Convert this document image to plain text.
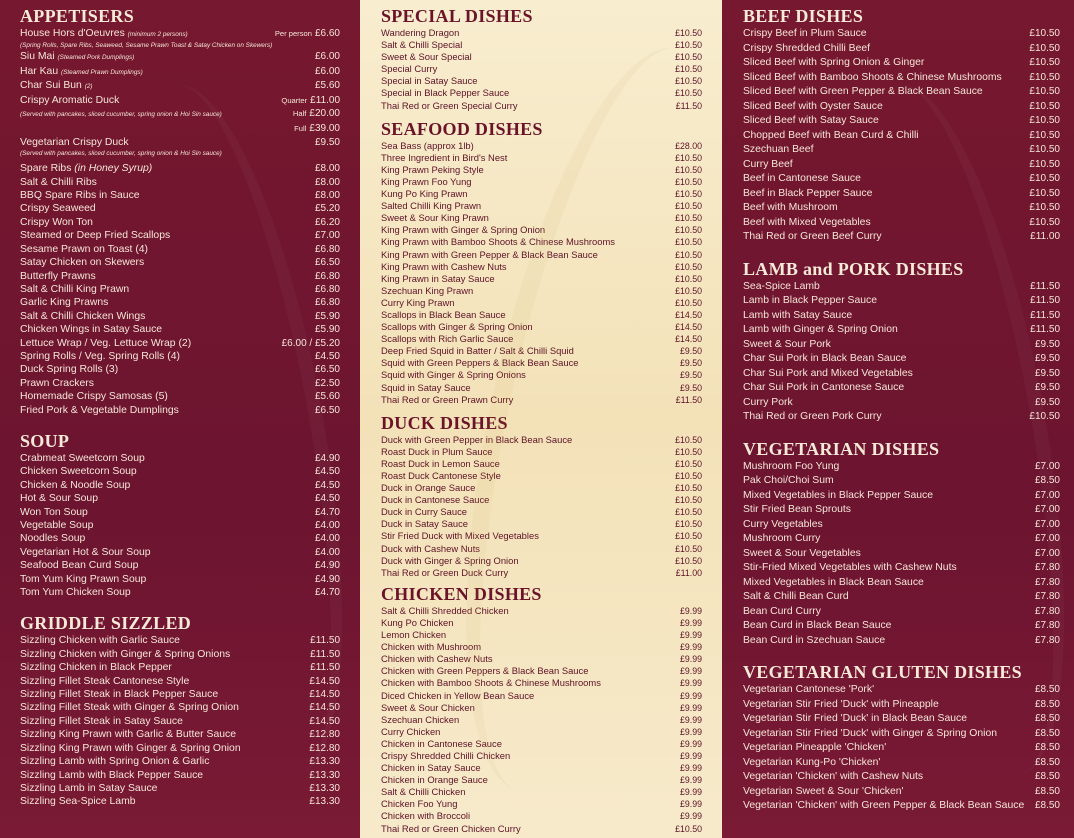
APPETISERS
House Hors d'Oeuvres (minimum 2 persons)	Per person £6.60
(Spring Rolls, Spare Ribs, Seaweed, Sesame Prawn Toast & Satay Chicken on Skewers)
Siu Mai (Steamed Pork Dumplings)	£6.00
Har Kau (Steamed Prawn Dumplings)	£6.00
Char Sui Bun (2)	£5.60
Crispy Aromatic Duck	Quarter £11.00
(Served with pancakes, sliced cucumber, spring onion & Hoi Sin sauce)	Half £20.00
Full £39.00
Vegetarian Crispy Duck	£9.50
(Served with pancakes, sliced cucumber, spring onion & Hoi Sin sauce)
Spare Ribs (in Honey Syrup)	£8.00
Salt & Chilli Ribs	£8.00
BBQ Spare Ribs in Sauce	£8.00
Crispy Seaweed	£5.20
Crispy Won Ton	£6.20
Steamed or Deep Fried Scallops	£7.00
Sesame Prawn on Toast (4)	£6.80
Satay Chicken on Skewers	£6.50
Butterfly Prawns	£6.80
Salt & Chilli King Prawn	£6.80
Garlic King Prawns	£6.80
Salt & Chilli Chicken Wings	£5.90
Chicken Wings in Satay Sauce	£5.90
Lettuce Wrap / Veg. Lettuce Wrap (2)	£6.00 / £5.20
Spring Rolls / Veg. Spring Rolls (4)	£4.50
Duck Spring Rolls (3)	£6.50
Prawn Crackers	£2.50
Homemade Crispy Samosas (5)	£5.60
Fried Pork & Vegetable Dumplings	£6.50
SOUP
Crabmeat Sweetcorn Soup	£4.90
Chicken Sweetcorn Soup	£4.50
Chicken & Noodle Soup	£4.50
Hot & Sour Soup	£4.50
Won Ton Soup	£4.70
Vegetable Soup	£4.00
Noodles Soup	£4.00
Vegetarian Hot & Sour Soup	£4.00
Seafood Bean Curd Soup	£4.90
Tom Yum King Prawn Soup	£4.90
Tom Yum Chicken Soup	£4.70
GRIDDLE SIZZLED
Sizzling Chicken with Garlic Sauce	£11.50
Sizzling Chicken with Ginger & Spring Onions	£11.50
Sizzling Chicken in Black Pepper	£11.50
Sizzling Fillet Steak Cantonese Style	£14.50
Sizzling Fillet Steak in Black Pepper Sauce	£14.50
Sizzling Fillet Steak with Ginger & Spring Onion	£14.50
Sizzling Fillet Steak in Satay Sauce	£14.50
Sizzling King Prawn with Garlic & Butter Sauce	£12.80
Sizzling King Prawn with Ginger & Spring Onion	£12.80
Sizzling Lamb with Spring Onion & Garlic	£13.30
Sizzling Lamb with Black Pepper Sauce	£13.30
Sizzling Lamb in Satay Sauce	£13.30
Sizzling Sea-Spice Lamb	£13.30
SPECIAL DISHES
Wandering Dragon	£10.50
Salt & Chilli Special	£10.50
Sweet & Sour Special	£10.50
Special Curry	£10.50
Special in Satay Sauce	£10.50
Special in Black Pepper Sauce	£10.50
Thai Red or Green Special Curry	£11.50
SEAFOOD DISHES
Sea Bass (approx 1lb)	£28.00
Three Ingredient in Bird's Nest	£10.50
King Prawn Peking Style	£10.50
King Prawn Foo Yung	£10.50
Kung Po King Prawn	£10.50
Salted Chilli King Prawn	£10.50
Sweet & Sour King Prawn	£10.50
King Prawn with Ginger & Spring Onion	£10.50
King Prawn with Bamboo Shoots & Chinese Mushrooms	£10.50
King Prawn with Green Pepper & Black Bean Sauce	£10.50
King Prawn with Cashew Nuts	£10.50
King Prawn in Satay Sauce	£10.50
Szechuan King Prawn	£10.50
Curry King Prawn	£10.50
Scallops in Black Bean Sauce	£14.50
Scallops with Ginger & Spring Onion	£14.50
Scallops with Rich Garlic Sauce	£14.50
Deep Fried Squid in Batter / Salt & Chilli Squid	£9.50
Squid with Green Peppers & Black Bean Sauce	£9.50
Squid with Ginger & Spring Onions	£9.50
Squid in Satay Sauce	£9.50
Thai Red or Green Prawn Curry	£11.50
DUCK DISHES
Duck with Green Pepper in Black Bean Sauce	£10.50
Roast Duck in Plum Sauce	£10.50
Roast Duck in Lemon Sauce	£10.50
Roast Duck Cantonese Style	£10.50
Duck in Orange Sauce	£10.50
Duck in Cantonese Sauce	£10.50
Duck in Curry Sauce	£10.50
Duck in Satay Sauce	£10.50
Stir Fried Duck with Mixed Vegetables	£10.50
Duck with Cashew Nuts	£10.50
Duck with Ginger & Spring Onion	£10.50
Thai Red or Green Duck Curry	£11.00
CHICKEN DISHES
Salt & Chilli Shredded Chicken	£9.99
Kung Po Chicken	£9.99
Lemon Chicken	£9.99
Chicken with Mushroom	£9.99
Chicken with Cashew Nuts	£9.99
Chicken with Green Peppers & Black Bean Sauce	£9.99
Chicken with Bamboo Shoots & Chinese Mushrooms	£9.99
Diced Chicken in Yellow Bean Sauce	£9.99
Sweet & Sour Chicken	£9.99
Szechuan Chicken	£9.99
Curry Chicken	£9.99
Chicken in Cantonese Sauce	£9.99
Crispy Shredded Chilli Chicken	£9.99
Chicken in Satay Sauce	£9.99
Chicken in Orange Sauce	£9.99
Salt & Chilli Chicken	£9.99
Chicken Foo Yung	£9.99
Chicken with Broccoli	£9.99
Thai Red or Green Chicken Curry	£10.50
BEEF DISHES
Crispy Beef in Plum Sauce	£10.50
Crispy Shredded Chilli Beef	£10.50
Sliced Beef with Spring Onion & Ginger	£10.50
Sliced Beef with Bamboo Shoots & Chinese Mushrooms	£10.50
Sliced Beef with Green Pepper & Black Bean Sauce	£10.50
Sliced Beef with Oyster Sauce	£10.50
Sliced Beef with Satay Sauce	£10.50
Chopped Beef with Bean Curd & Chilli	£10.50
Szechuan Beef	£10.50
Curry Beef	£10.50
Beef in Cantonese Sauce	£10.50
Beef in Black Pepper Sauce	£10.50
Beef with Mushroom	£10.50
Beef with Mixed Vegetables	£10.50
Thai Red or Green Beef Curry	£11.00
LAMB and PORK DISHES
Sea-Spice Lamb	£11.50
Lamb in Black Pepper Sauce	£11.50
Lamb with Satay Sauce	£11.50
Lamb with Ginger & Spring Onion	£11.50
Sweet & Sour Pork	£9.50
Char Sui Pork in Black Bean Sauce	£9.50
Char Sui Pork and Mixed Vegetables	£9.50
Char Sui Pork in Cantonese Sauce	£9.50
Curry Pork	£9.50
Thai Red or Green Pork Curry	£10.50
VEGETARIAN DISHES
Mushroom Foo Yung	£7.00
Pak Choi/Choi Sum	£8.50
Mixed Vegetables in Black Pepper Sauce	£7.00
Stir Fried Bean Sprouts	£7.00
Curry Vegetables	£7.00
Mushroom Curry	£7.00
Sweet & Sour Vegetables	£7.00
Stir-Fried Mixed Vegetables with Cashew Nuts	£7.80
Mixed Vegetables in Black Bean Sauce	£7.80
Salt & Chilli Bean Curd	£7.80
Bean Curd Curry	£7.80
Bean Curd in Black Bean Sauce	£7.80
Bean Curd in Szechuan Sauce	£7.80
VEGETARIAN GLUTEN DISHES
Vegetarian Cantonese 'Pork'	£8.50
Vegetarian Stir Fried 'Duck' with Pineapple	£8.50
Vegetarian Stir Fried 'Duck' in Black Bean Sauce	£8.50
Vegetarian Stir Fried 'Duck' with Ginger & Spring Onion	£8.50
Vegetarian Pineapple 'Chicken'	£8.50
Vegetarian Kung-Po 'Chicken'	£8.50
Vegetarian 'Chicken' with Cashew Nuts	£8.50
Vegetarian Sweet & Sour 'Chicken'	£8.50
Vegetarian 'Chicken' with Green Pepper & Black Bean Sauce £8.50
